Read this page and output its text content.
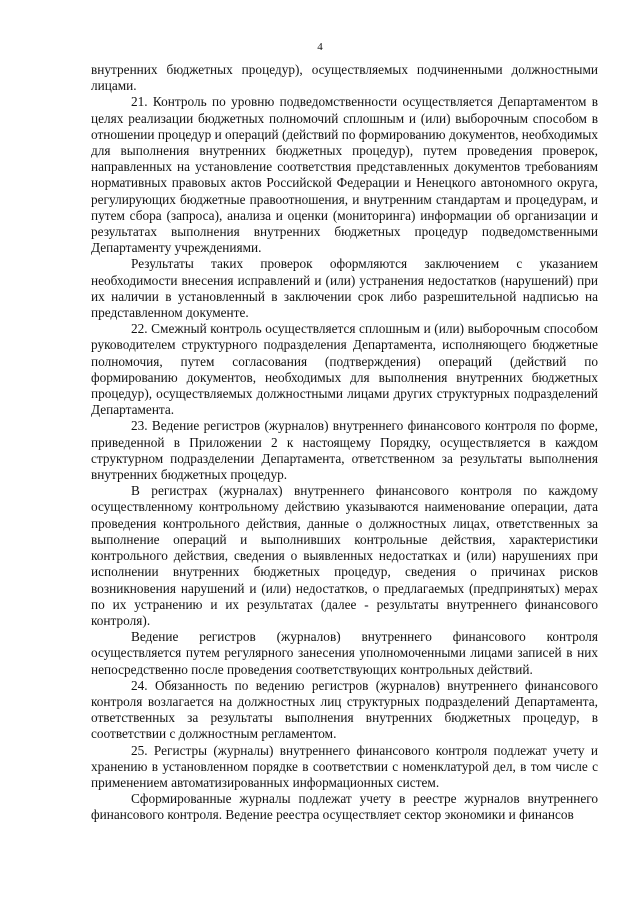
4

внутренних бюджетных процедур), осуществляемых подчиненными должностными лицами.

21. Контроль по уровню подведомственности осуществляется Департаментом в целях реализации бюджетных полномочий сплошным и (или) выборочным способом в отношении процедур и операций (действий по формированию документов, необходимых для выполнения внутренних бюджетных процедур), путем проведения проверок, направленных на установление соответствия представленных документов требованиям нормативных правовых актов Российской Федерации и Ненецкого автономного округа, регулирующих бюджетные правоотношения, и внутренним стандартам и процедурам, и путем сбора (запроса), анализа и оценки (мониторинга) информации об организации и результатах выполнения внутренних бюджетных процедур подведомственными Департаменту учреждениями.

Результаты таких проверок оформляются заключением с указанием необходимости внесения исправлений и (или) устранения недостатков (нарушений) при их наличии в установленный в заключении срок либо разрешительной надписью на представленном документе.

22. Смежный контроль осуществляется сплошным и (или) выборочным способом руководителем структурного подразделения Департамента, исполняющего бюджетные полномочия, путем согласования (подтверждения) операций (действий по формированию документов, необходимых для выполнения внутренних бюджетных процедур), осуществляемых должностными лицами других структурных подразделений Департамента.

23. Ведение регистров (журналов) внутреннего финансового контроля по форме, приведенной в Приложении 2 к настоящему Порядку, осуществляется в каждом структурном подразделении Департамента, ответственном за результаты выполнения внутренних бюджетных процедур.

В регистрах (журналах) внутреннего финансового контроля по каждому осуществленному контрольному действию указываются наименование операции, дата проведения контрольного действия, данные о должностных лицах, ответственных за выполнение операций и выполнивших контрольные действия, характеристики контрольного действия, сведения о выявленных недостатках и (или) нарушениях при исполнении внутренних бюджетных процедур, сведения о причинах рисков возникновения нарушений и (или) недостатков, о предлагаемых (предпринятых) мерах по их устранению и их результатах (далее - результаты внутреннего финансового контроля).

Ведение регистров (журналов) внутреннего финансового контроля осуществляется путем регулярного занесения уполномоченными лицами записей в них непосредственно после проведения соответствующих контрольных действий.

24. Обязанность по ведению регистров (журналов) внутреннего финансового контроля возлагается на должностных лиц структурных подразделений Департамента, ответственных за результаты выполнения внутренних бюджетных процедур, в соответствии с должностным регламентом.

25. Регистры (журналы) внутреннего финансового контроля подлежат учету и хранению в установленном порядке в соответствии с номенклатурой дел, в том числе с применением автоматизированных информационных систем.

Сформированные журналы подлежат учету в реестре журналов внутреннего финансового контроля. Ведение реестра осуществляет сектор экономики и финансов
